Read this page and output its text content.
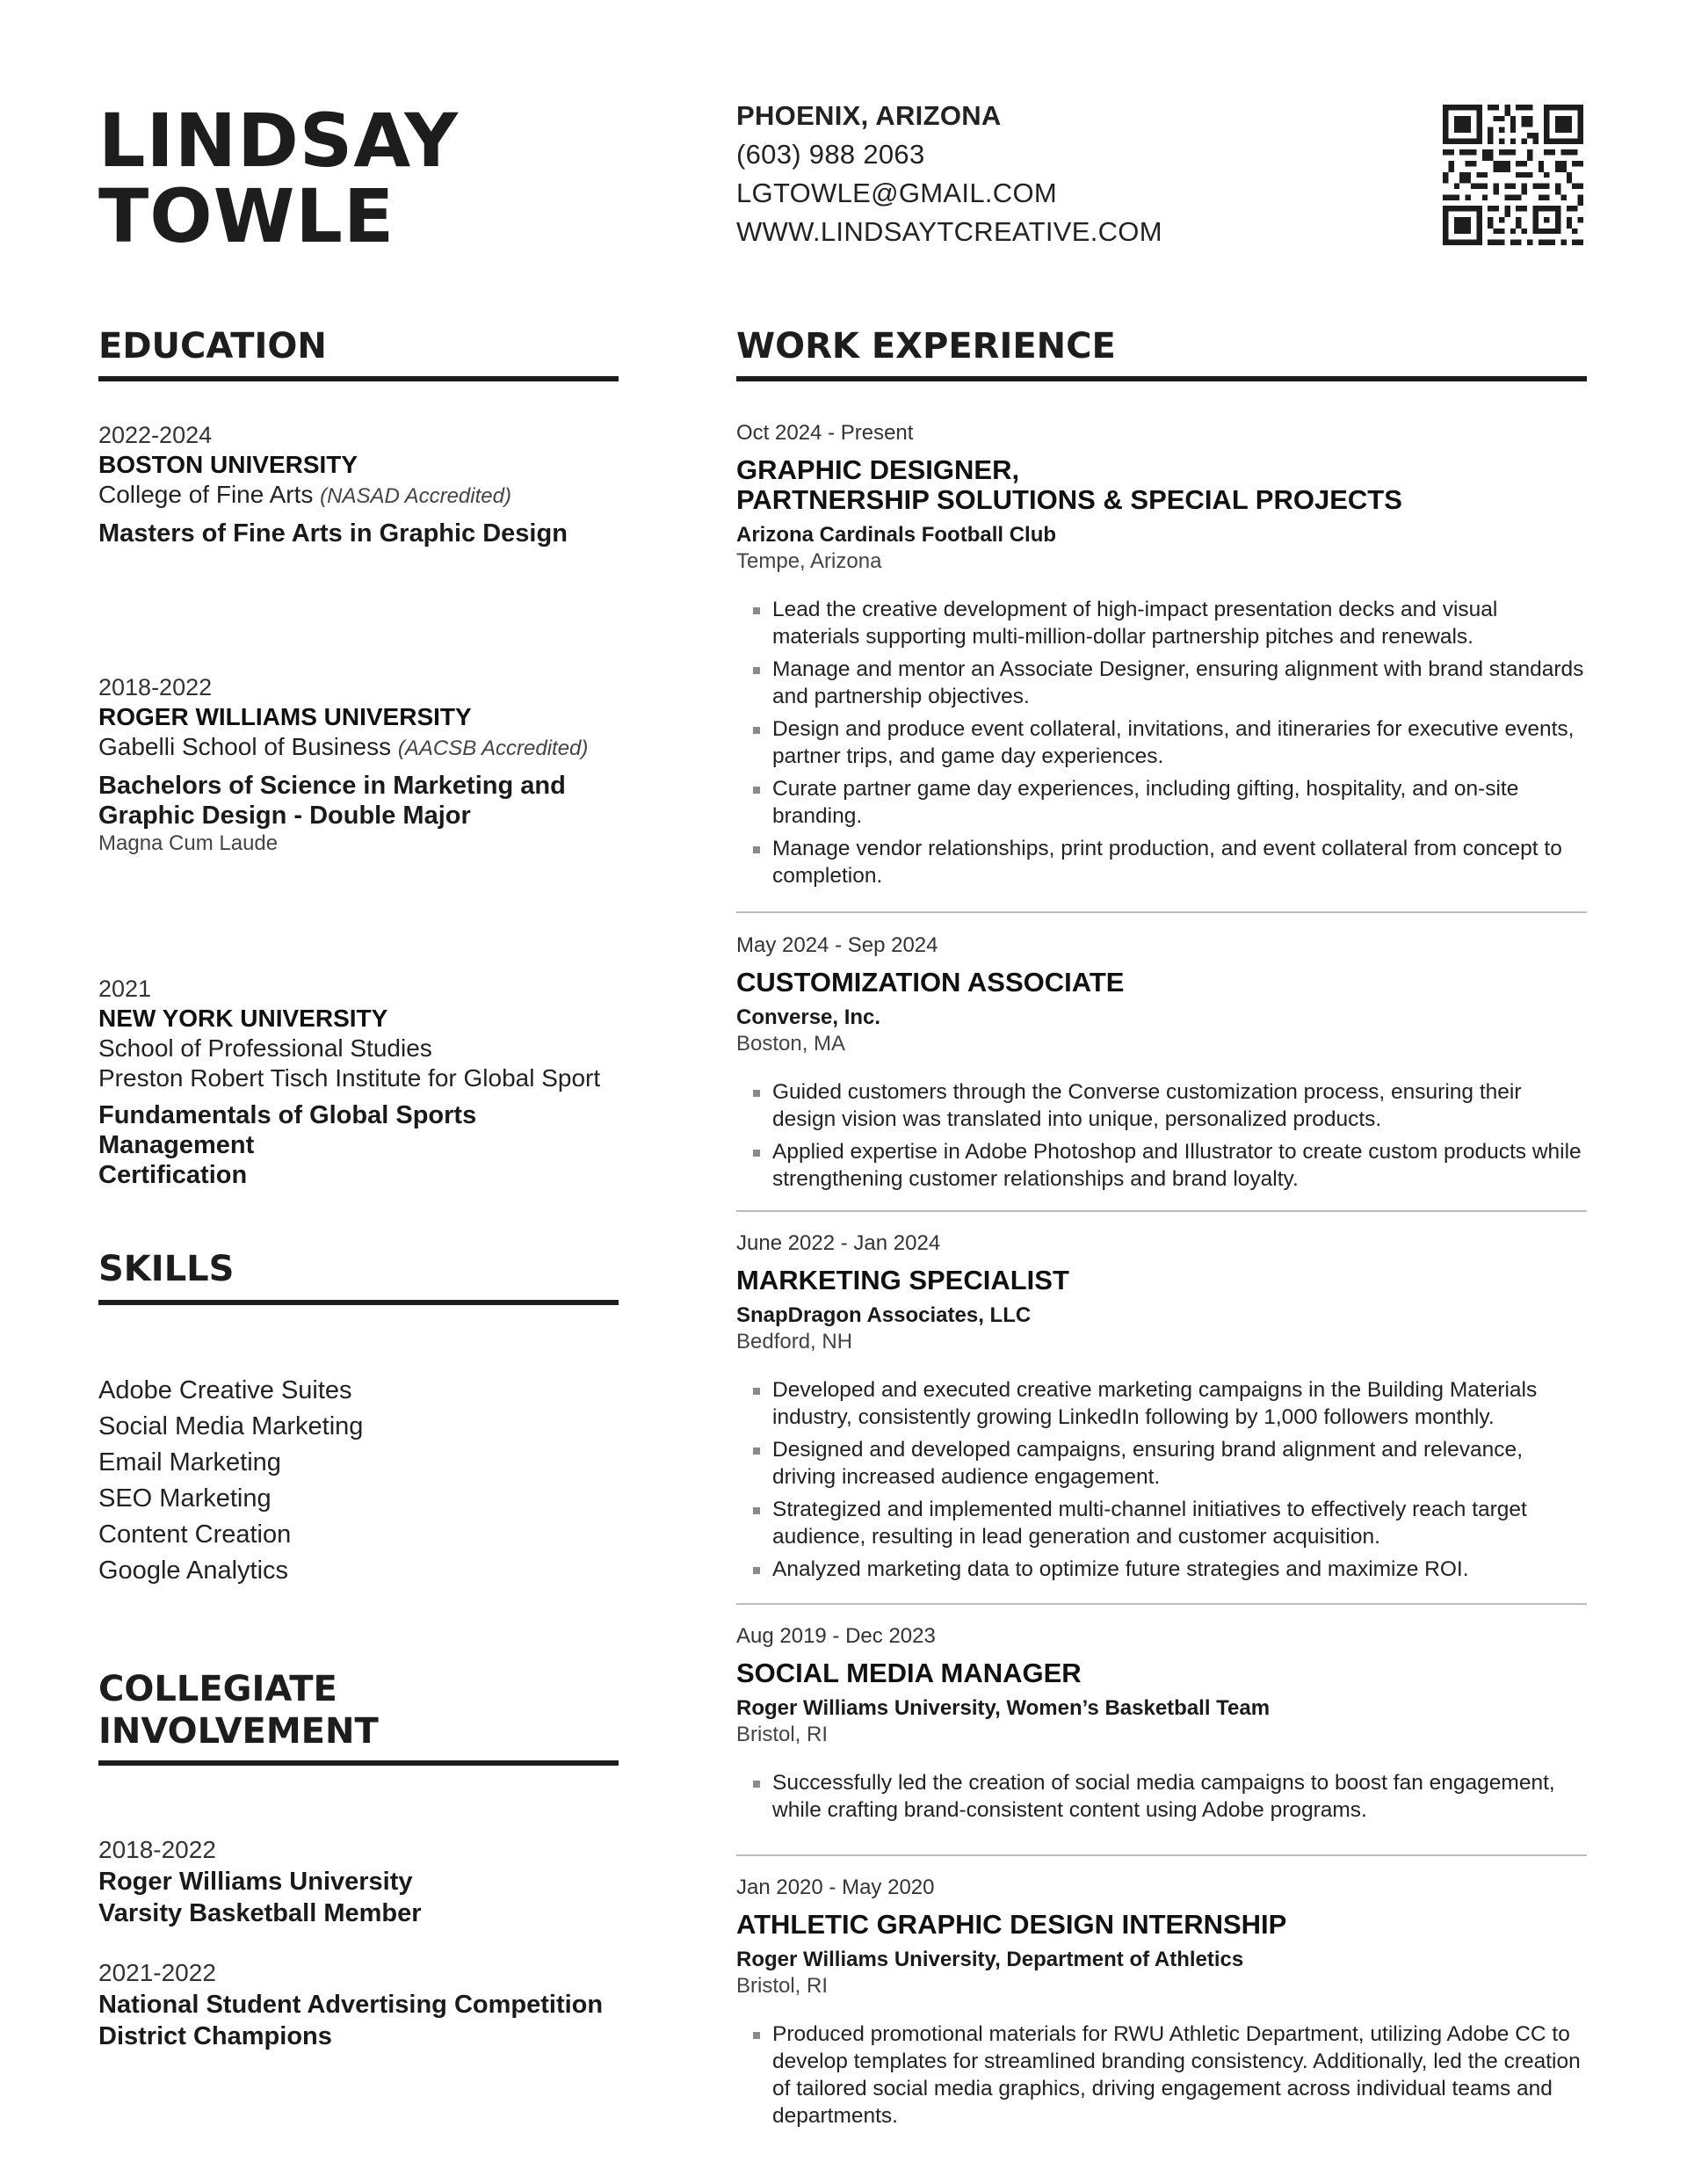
LINDSAY
TOWLE
PHOENIX, ARIZONA
(603) 988 2063
LGTOWLE@GMAIL.COM
WWW.LINDSAYTCREATIVE.COM
EDUCATION
2022-2024
BOSTON UNIVERSITY
College of Fine Arts (NASAD Accredited)
Masters of Fine Arts in Graphic Design
2018-2022
ROGER WILLIAMS UNIVERSITY
Gabelli School of Business (AACSB Accredited)
Bachelors of Science in Marketing and
Graphic Design - Double Major
Magna Cum Laude
2021
NEW YORK UNIVERSITY
School of Professional Studies
Preston Robert Tisch Institute for Global Sport
Fundamentals of Global Sports Management
Certification
SKILLS
Adobe Creative Suites
Social Media Marketing
Email Marketing
SEO Marketing
Content Creation
Google Analytics
COLLEGIATE
INVOLVEMENT
2018-2022
Roger Williams University
Varsity Basketball Member
2021-2022
National Student Advertising Competition
District Champions
WORK EXPERIENCE
Oct 2024 - Present
GRAPHIC DESIGNER,
PARTNERSHIP SOLUTIONS & SPECIAL PROJECTS
Arizona Cardinals Football Club
Tempe, Arizona
Lead the creative development of high-impact presentation decks and visual materials supporting multi-million-dollar partnership pitches and renewals.
Manage and mentor an Associate Designer, ensuring alignment with brand standards and partnership objectives.
Design and produce event collateral, invitations, and itineraries for executive events, partner trips, and game day experiences.
Curate partner game day experiences, including gifting, hospitality, and on-site branding.
Manage vendor relationships, print production, and event collateral from concept to completion.
May 2024 - Sep 2024
CUSTOMIZATION ASSOCIATE
Converse, Inc.
Boston, MA
Guided customers through the Converse customization process, ensuring their design vision was translated into unique, personalized products.
Applied expertise in Adobe Photoshop and Illustrator to create custom products while strengthening customer relationships and brand loyalty.
June 2022 - Jan 2024
MARKETING SPECIALIST
SnapDragon Associates, LLC
Bedford, NH
Developed and executed creative marketing campaigns in the Building Materials industry, consistently growing LinkedIn following by 1,000 followers monthly.
Designed and developed campaigns, ensuring brand alignment and relevance, driving increased audience engagement.
Strategized and implemented multi-channel initiatives to effectively reach target audience, resulting in lead generation and customer acquisition.
Analyzed marketing data to optimize future strategies and maximize ROI.
Aug 2019 - Dec 2023
SOCIAL MEDIA MANAGER
Roger Williams University, Women’s Basketball Team
Bristol, RI
Successfully led the creation of social media campaigns to boost fan engagement, while crafting brand-consistent content using Adobe programs.
Jan 2020 - May 2020
ATHLETIC GRAPHIC DESIGN INTERNSHIP
Roger Williams University, Department of Athletics
Bristol, RI
Produced promotional materials for RWU Athletic Department, utilizing Adobe CC to develop templates for streamlined branding consistency. Additionally, led the creation of tailored social media graphics, driving engagement across individual teams and departments.
